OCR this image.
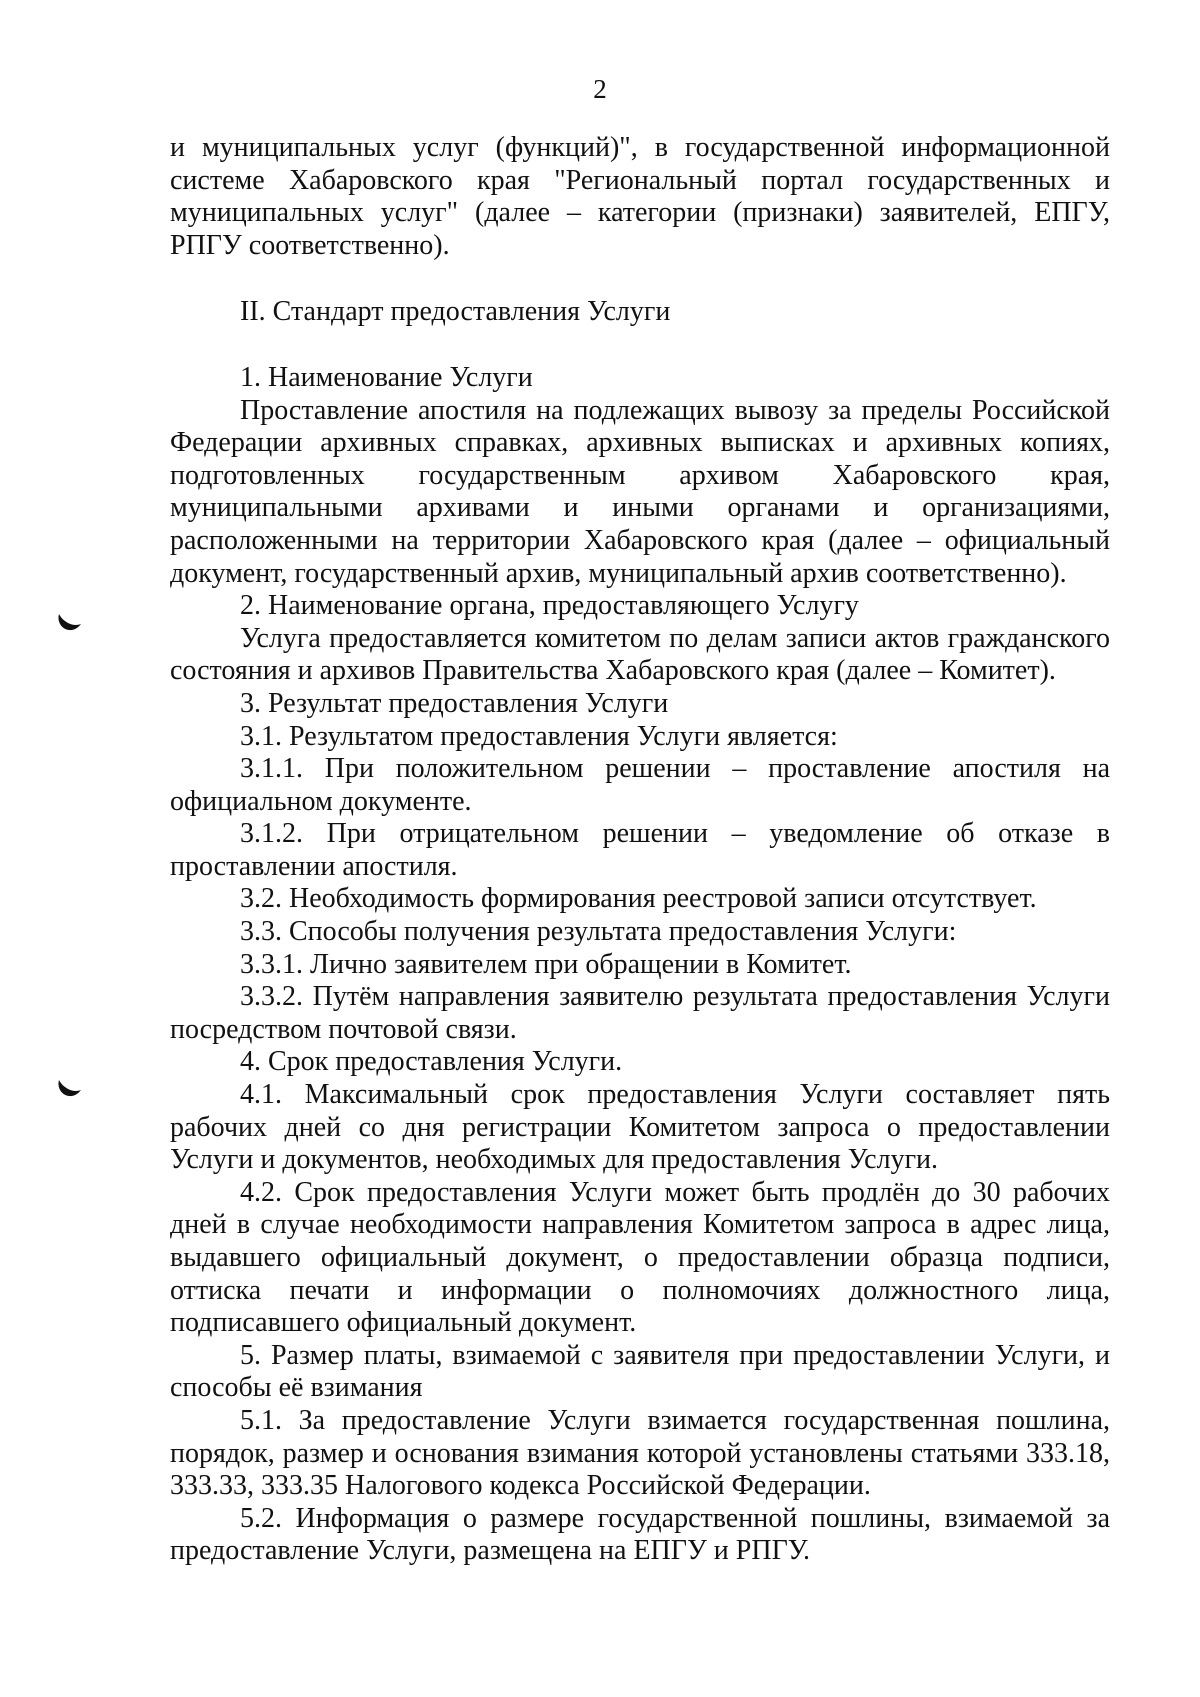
2

и муниципальных услуг (функций)", в государственной информационной системе Хабаровского края "Региональный портал государственных и муниципальных услуг" (далее – категории (признаки) заявителей, ЕПГУ, РПГУ соответственно).

II. Стандарт предоставления Услуги

1. Наименование Услуги

Проставление апостиля на подлежащих вывозу за пределы Российской Федерации архивных справках, архивных выписках и архивных копиях, подготовленных государственным архивом Хабаровского края, муниципальными архивами и иными органами и организациями, расположенными на территории Хабаровского края (далее – официальный документ, государственный архив, муниципальный архив соответственно).

2. Наименование органа, предоставляющего Услугу

Услуга предоставляется комитетом по делам записи актов гражданского состояния и архивов Правительства Хабаровского края (далее – Комитет).

3. Результат предоставления Услуги

3.1. Результатом предоставления Услуги является:

3.1.1. При положительном решении – проставление апостиля на официальном документе.

3.1.2. При отрицательном решении – уведомление об отказе в проставлении апостиля.

3.2. Необходимость формирования реестровой записи отсутствует.

3.3. Способы получения результата предоставления Услуги:

3.3.1. Лично заявителем при обращении в Комитет.

3.3.2. Путём направления заявителю результата предоставления Услуги посредством почтовой связи.

4. Срок предоставления Услуги.

4.1. Максимальный срок предоставления Услуги составляет пять рабочих дней со дня регистрации Комитетом запроса о предоставлении Услуги и документов, необходимых для предоставления Услуги.

4.2. Срок предоставления Услуги может быть продлён до 30 рабочих дней в случае необходимости направления Комитетом запроса в адрес лица, выдавшего официальный документ, о предоставлении образца подписи, оттиска печати и информации о полномочиях должностного лица, подписавшего официальный документ.

5. Размер платы, взимаемой с заявителя при предоставлении Услуги, и способы её взимания

5.1. За предоставление Услуги взимается государственная пошлина, порядок, размер и основания взимания которой установлены статьями 333.18, 333.33, 333.35 Налогового кодекса Российской Федерации.

5.2. Информация о размере государственной пошлины, взимаемой за предоставление Услуги, размещена на ЕПГУ и РПГУ.
